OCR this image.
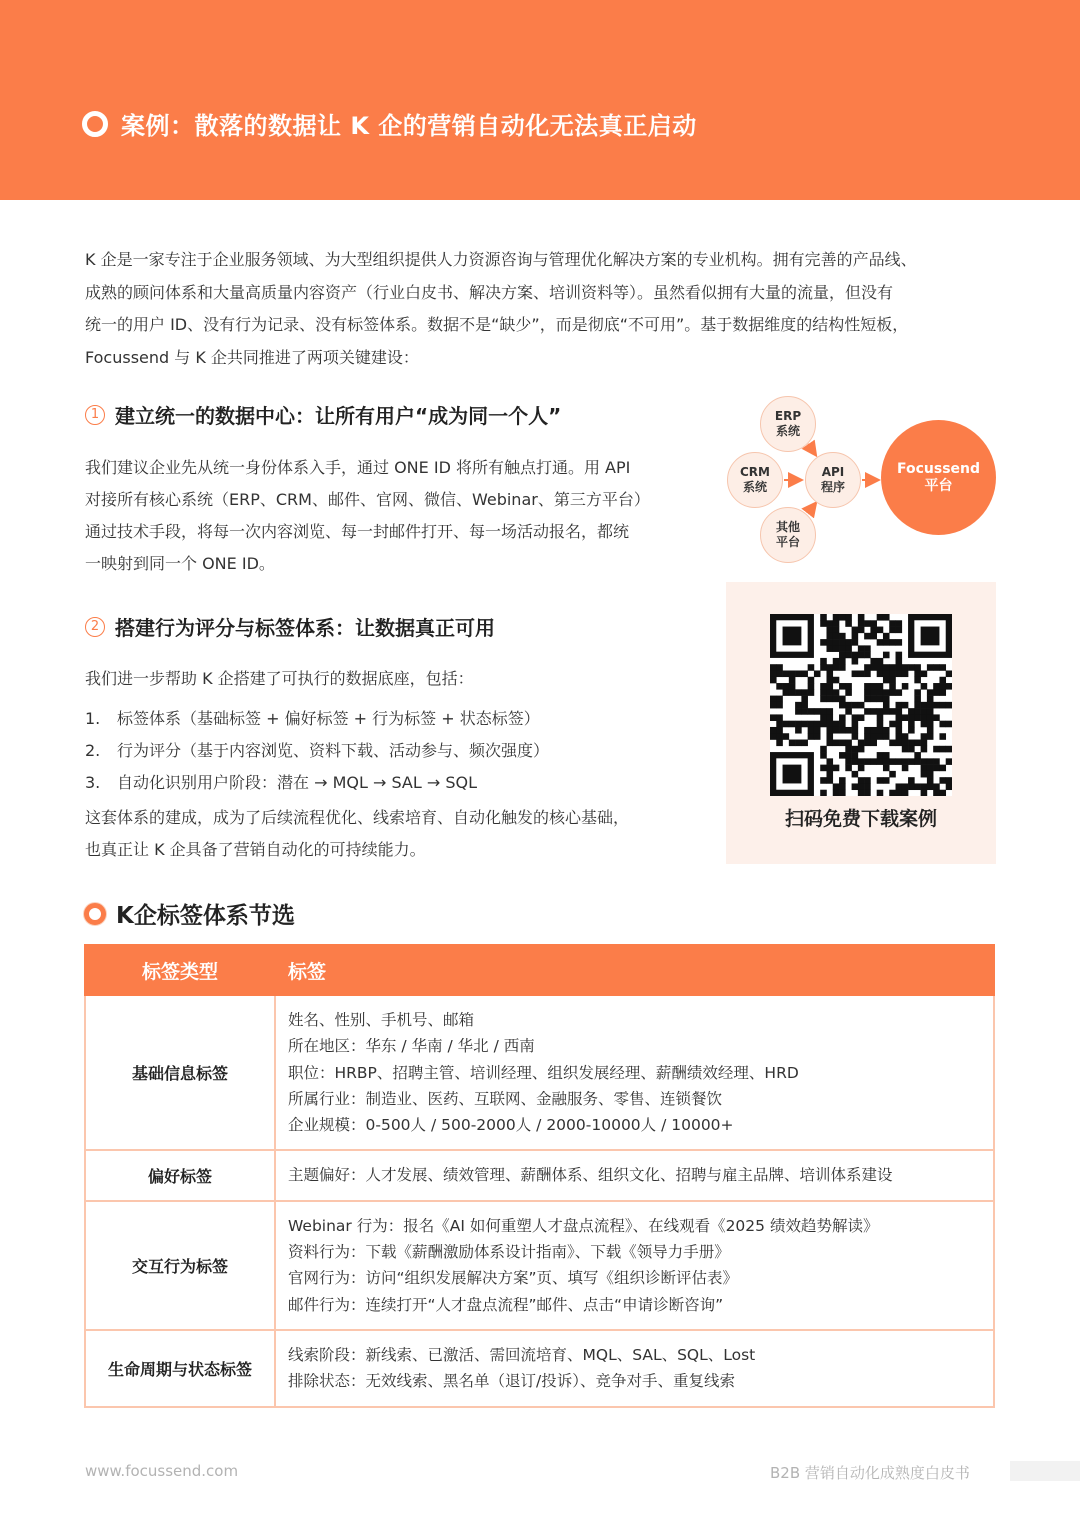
案例：散落的数据让 K 企的营销自动化无法真正启动

K 企是一家专注于企业服务领域、为大型组织提供人力资源咨询与管理优化解决方案的专业机构。拥有完善的产品线、

成熟的顾问体系和大量高质量内容资产（行业白皮书、解决方案、培训资料等）。虽然看似拥有大量的流量，但没有

统一的用户 ID、没有行为记录、没有标签体系。数据不是“缺少”，而是彻底“不可用”。基于数据维度的结构性短板，

Focussend 与 K 企共同推进了两项关键建设：

1 建立统一的数据中心：让所有用户“成为同一个人”

我们建议企业先从统一身份体系入手，通过 ONE ID 将所有触点打通。用 API

对接所有核心系统（ERP、CRM、邮件、官网、微信、Webinar、第三方平台）

通过技术手段，将每一次内容浏览、每一封邮件打开、每一场活动报名，都统

一映射到同一个 ONE ID。

ERP
系统
CRM
系统
API
程序
其他
平台
Focussend
平台
2 搭建行为评分与标签体系：让数据真正可用

我们进一步帮助 K 企搭建了可执行的数据底座，包括：

1. 标签体系（基础标签 + 偏好标签 + 行为标签 + 状态标签）
2. 行为评分（基于内容浏览、资料下载、活动参与、频次强度）
3. 自动化识别用户阶段：潜在 → MQL → SAL → SQL

这套体系的建成，成为了后续流程优化、线索培育、自动化触发的核心基础，

也真正让 K 企具备了营销自动化的可持续能力。

扫码免费下载案例
K企标签体系节选
标签类型	标签
基础信息标签	姓名、性别、手机号、邮箱
所在地区：华东 / 华南 / 华北 / 西南
职位：HRBP、招聘主管、培训经理、组织发展经理、薪酬绩效经理、HRD
所属行业：制造业、医药、互联网、金融服务、零售、连锁餐饮
企业规模：0-500人 / 500-2000人 / 2000-10000人 / 10000+

偏好标签	主题偏好：人才发展、绩效管理、薪酬体系、组织文化、招聘与雇主品牌、培训体系建设

交互行为标签	Webinar 行为：报名《AI 如何重塑人才盘点流程》、在线观看《2025 绩效趋势解读》
资料行为：下载《薪酬激励体系设计指南》、下载《领导力手册》
官网行为：访问“组织发展解决方案”页、填写《组织诊断评估表》
邮件行为：连续打开“人才盘点流程”邮件、点击“申请诊断咨询”

生命周期与状态标签	线索阶段：新线索、已激活、需回流培育、MQL、SAL、SQL、Lost
排除状态：无效线索、黑名单（退订/投诉）、竞争对手、重复线索
www.focussend.com	B2B 营销自动化成熟度白皮书
